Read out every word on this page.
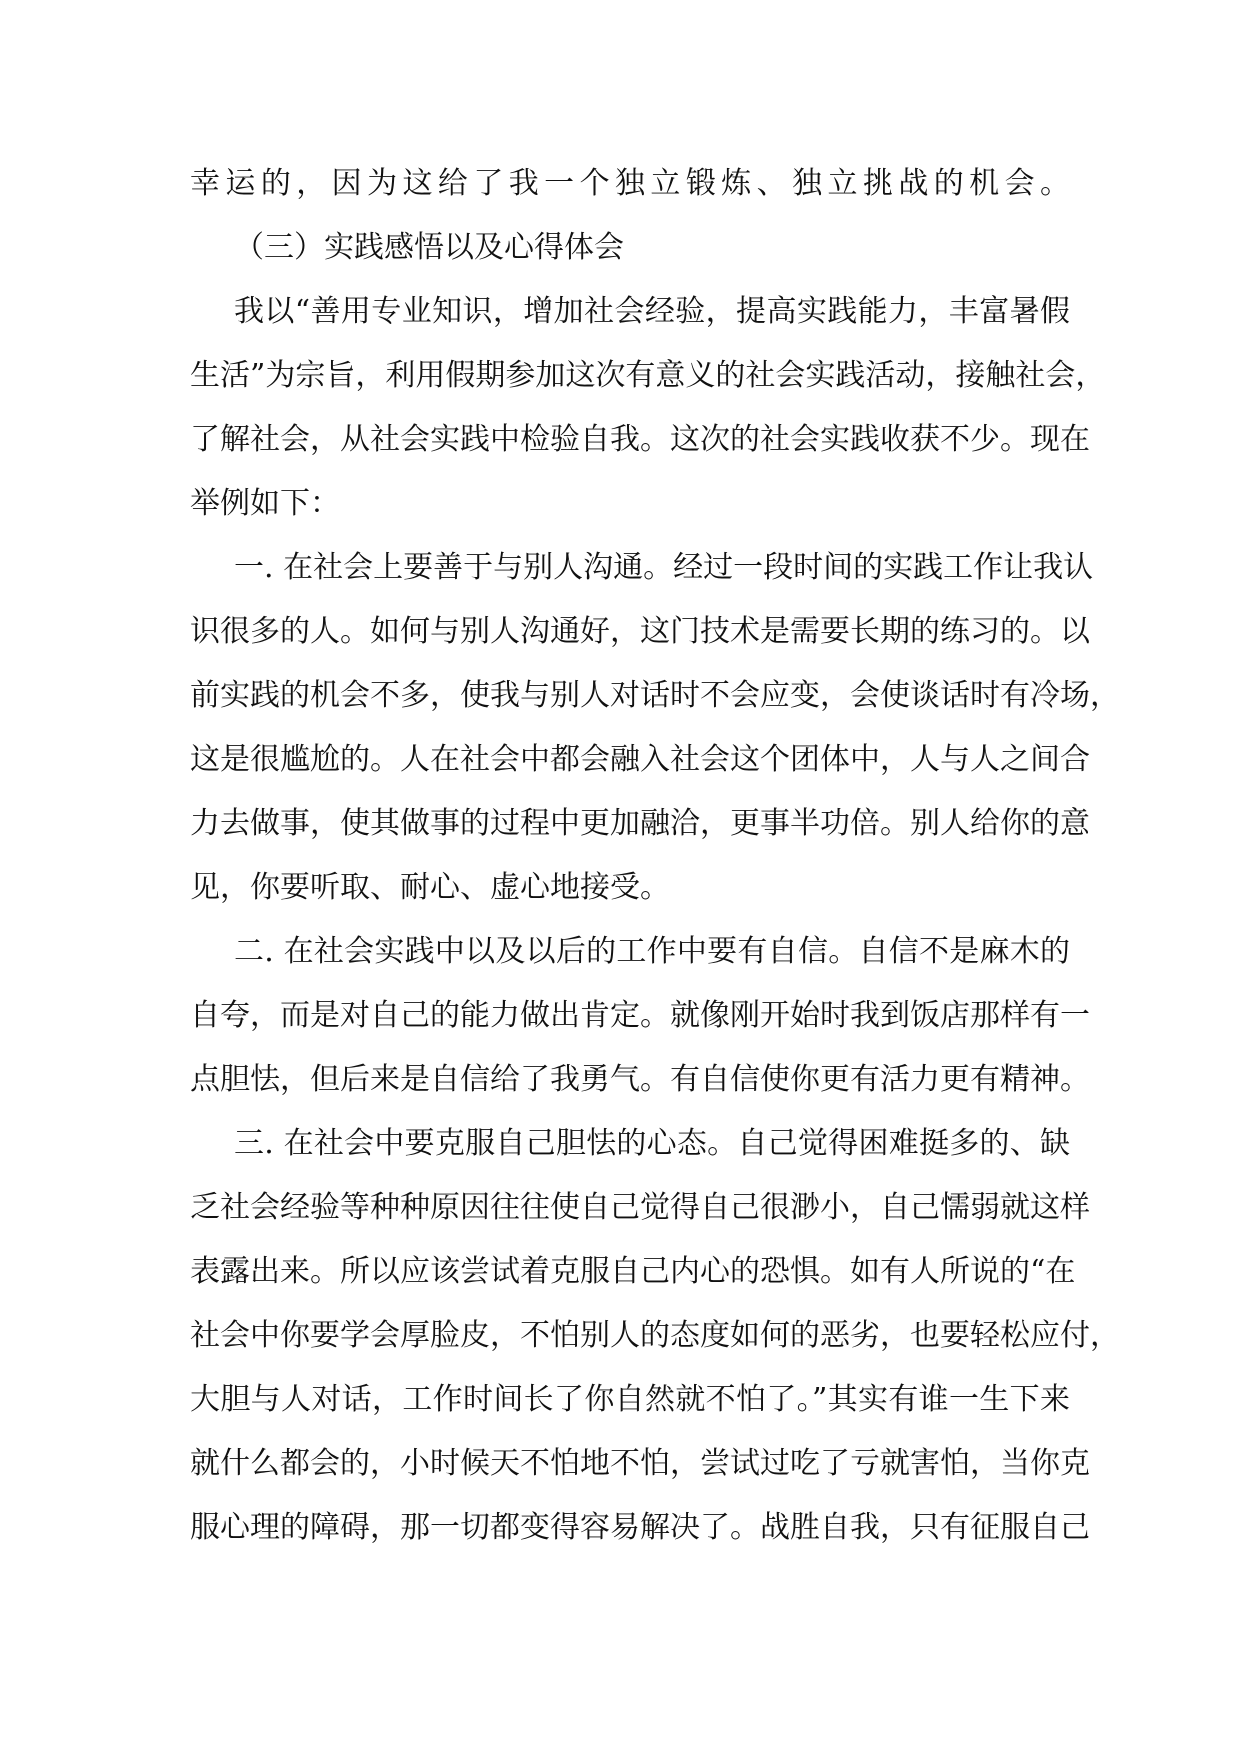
幸运的，因为这给了我一个独立锻炼、独立挑战的机会。
（三）实践感悟以及心得体会
我以“善用专业知识，增加社会经验，提高实践能力，丰富暑假
生活”为宗旨，利用假期参加这次有意义的社会实践活动，接触社会，
了解社会，从社会实践中检验自我。这次的社会实践收获不少。现在
举例如下：
一. 在社会上要善于与别人沟通。经过一段时间的实践工作让我认
识很多的人。如何与别人沟通好，这门技术是需要长期的练习的。以
前实践的机会不多，使我与别人对话时不会应变，会使谈话时有冷场，
这是很尴尬的。人在社会中都会融入社会这个团体中，人与人之间合
力去做事，使其做事的过程中更加融洽，更事半功倍。别人给你的意
见，你要听取、耐心、虚心地接受。
二. 在社会实践中以及以后的工作中要有自信。自信不是麻木的
自夸，而是对自己的能力做出肯定。就像刚开始时我到饭店那样有一
点胆怯，但后来是自信给了我勇气。有自信使你更有活力更有精神。
三. 在社会中要克服自己胆怯的心态。自己觉得困难挺多的、缺
乏社会经验等种种原因往往使自己觉得自己很渺小，自己懦弱就这样
表露出来。所以应该尝试着克服自己内心的恐惧。如有人所说的“在
社会中你要学会厚脸皮，不怕别人的态度如何的恶劣，也要轻松应付，
大胆与人对话，工作时间长了你自然就不怕了。”其实有谁一生下来
就什么都会的，小时候天不怕地不怕，尝试过吃了亏就害怕，当你克
服心理的障碍，那一切都变得容易解决了。战胜自我，只有征服自己
